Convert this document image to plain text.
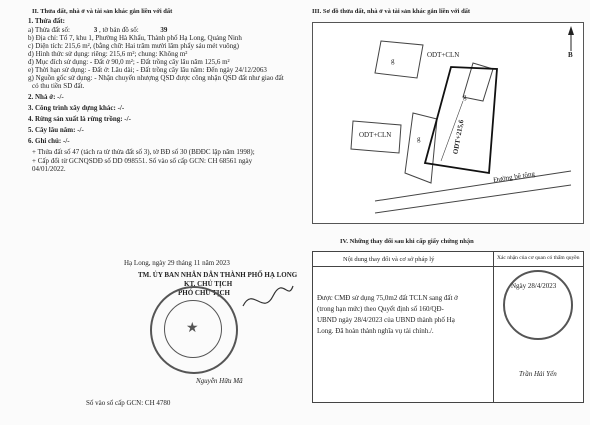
II. Thửa đất, nhà ở và tài sản khác gắn liền với đất
1. Thửa đất:
a) Thửa đất số:	3 , tờ bản đồ số:	39
b) Địa chỉ: Tổ 7, khu 1, Phường Hà Khẩu, Thành phố Hạ Long, Quảng Ninh
c) Diện tích: 215,6 m², (bằng chữ: Hai trăm mười lăm phẩy sáu mét vuông)
d) Hình thức sử dụng: riêng: 215,6 m²; chung: Không m²
đ) Mục đích sử dụng: - Đất ở 90,0 m²; - Đất trồng cây lâu năm 125,6 m²
e) Thời hạn sử dụng: - Đất ở: Lâu dài; - Đất trồng cây lâu năm: Đến ngày 24/12/2063
g) Nguồn gốc sử dụng: - Nhận chuyển nhượng QSD được công nhận QSD đất như giao đất
có thu tiền SD đất.
2. Nhà ở: -/-
3. Công trình xây dựng khác: -/-
4. Rừng sản xuất là rừng trồng: -/-
5. Cây lâu năm: -/-
6. Ghi chú: -/-
+ Thửa đất số 47 (tách ra từ thửa đất số 3), tờ BĐ số 30 (BĐĐC lập năm 1998);
+ Cấp đổi từ GCNQSDĐ số DD 098551. Số vào sổ cấp GCN: CH 68561 ngày
04/01/2022.
Hạ Long, ngày 29 tháng 11 năm 2023
TM. ỦY BAN NHÂN DÂN THÀNH PHỐ HẠ LONG
KT. CHỦ TỊCH
PHÓ CHỦ TỊCH
★
Nguyễn Hữu Mã
Số vào sổ cấp GCN: CH 4780
III. Sơ đồ thửa đất, nhà ở và tài sản khác gắn liền với đất
ODT+CLN
ODT+CLN	ODT+215,6
g
g
g
Đường bê tông
B
IV. Những thay đổi sau khi cấp giấy chứng nhận
Nội dung thay đổi và cơ sở pháp lý	Xác nhận của cơ quan có thẩm quyền
Được CMĐ sử dụng 75,0m2 đất TCLN sang đất ở
(trong hạn mức) theo Quyết định số 160/QĐ-
UBND ngày 28/4/2023 của UBND thành phố Hạ
Long. Đã hoàn thành nghĩa vụ tài chính./.
Ngày 28/4/2023
Trần Hải Yến
